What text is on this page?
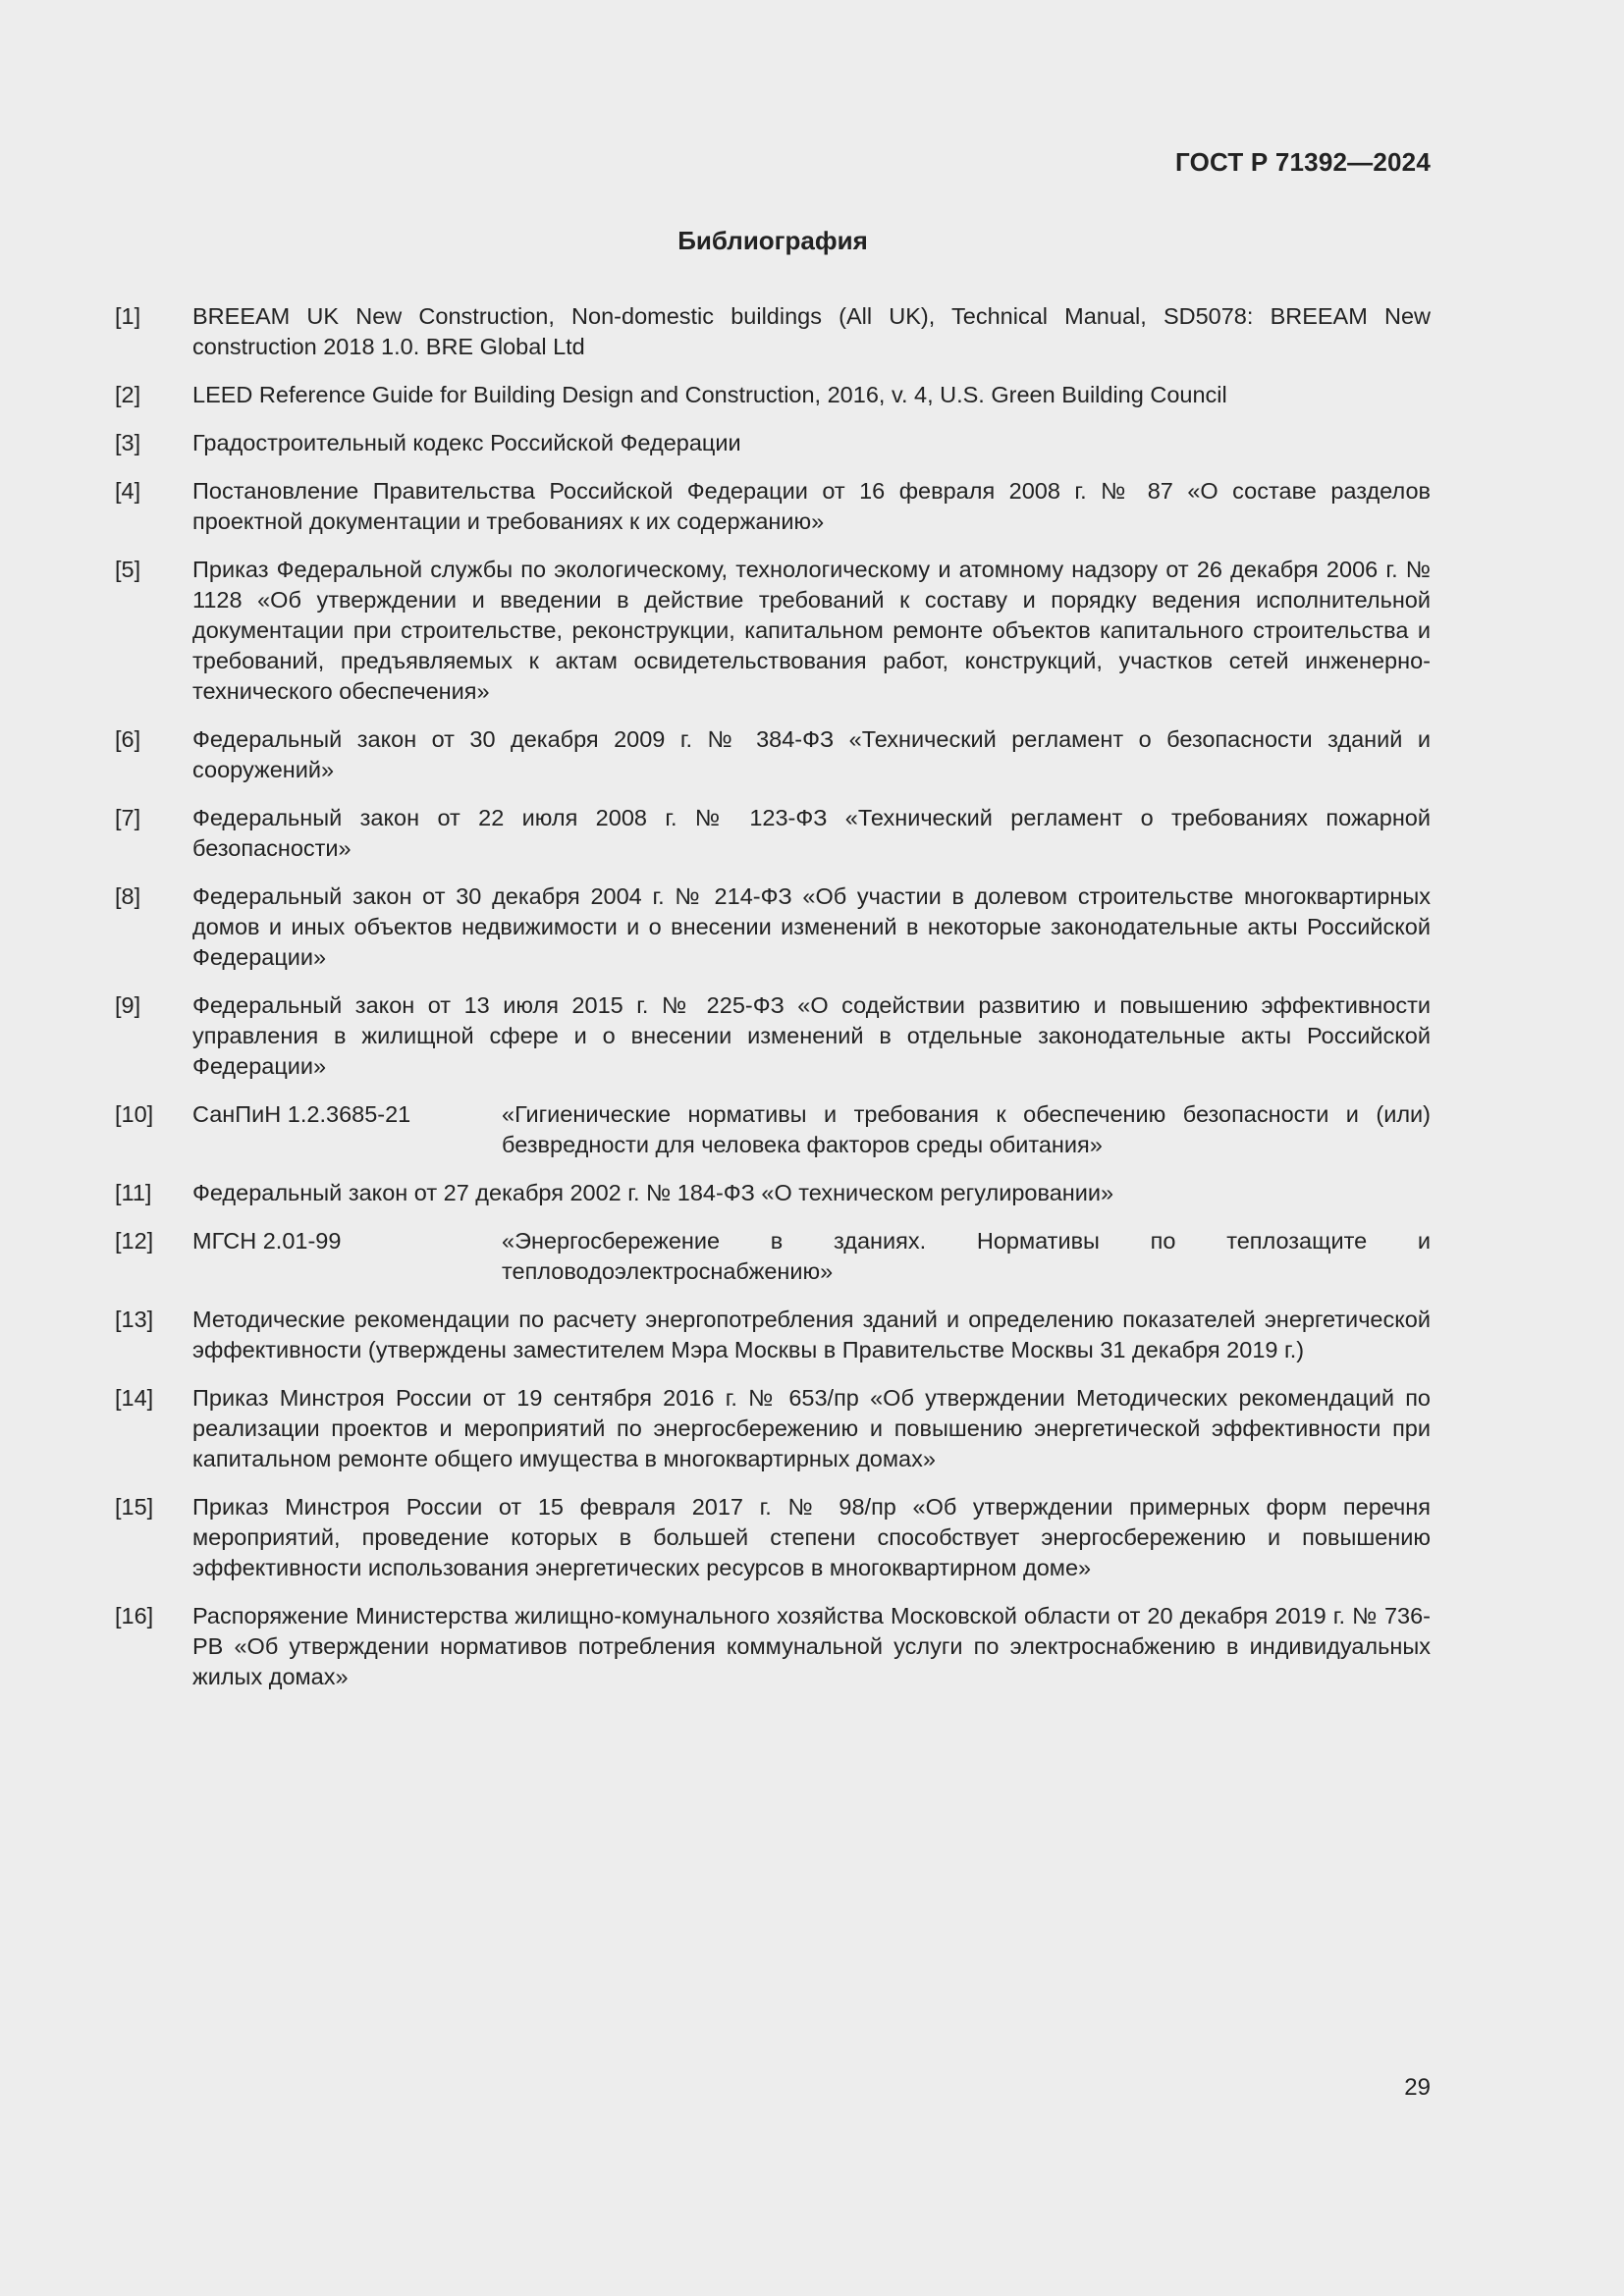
ГОСТ Р 71392—2024
Библиография
[1]	BREEAM UK New Construction, Non-domestic buildings (All UK), Technical Manual, SD5078: BREEAM New construction 2018 1.0. BRE Global Ltd
[2]	LEED Reference Guide for Building Design and Construction, 2016, v. 4, U.S. Green Building Council
[3]	Градостроительный кодекс Российской Федерации
[4]	Постановление Правительства Российской Федерации от 16 февраля 2008 г. № 87 «О составе разделов проектной документации и требованиях к их содержанию»
[5]	Приказ Федеральной службы по экологическому, технологическому и атомному надзору от 26 декабря 2006 г. № 1128 «Об утверждении и введении в действие требований к составу и порядку ведения исполнительной документации при строительстве, реконструкции, капитальном ремонте объектов капитального строительства и требований, предъявляемых к актам освидетельствования работ, конструкций, участков сетей инженерно-технического обеспечения»
[6]	Федеральный закон от 30 декабря 2009 г. № 384-ФЗ «Технический регламент о безопасности зданий и сооружений»
[7]	Федеральный закон от 22 июля 2008 г. № 123-ФЗ «Технический регламент о требованиях пожарной безопасности»
[8]	Федеральный закон от 30 декабря 2004 г. № 214-ФЗ «Об участии в долевом строительстве многоквартирных домов и иных объектов недвижимости и о внесении изменений в некоторые законодательные акты Российской Федерации»
[9]	Федеральный закон от 13 июля 2015 г. № 225-ФЗ «О содействии развитию и повышению эффективности управления в жилищной сфере и о внесении изменений в отдельные законодательные акты Российской Федерации»
[10]	СанПиН 1.2.3685-21	«Гигиенические нормативы и требования к обеспечению безопасности и (или) безвредности для человека факторов среды обитания»
[11]	Федеральный закон от 27 декабря 2002 г. № 184-ФЗ «О техническом регулировании»
[12]	МГСН 2.01-99	«Энергосбережение в зданиях. Нормативы по теплозащите и тепловодоэлектроснабжению»
[13]	Методические рекомендации по расчету энергопотребления зданий и определению показателей энергетической эффективности (утверждены заместителем Мэра Москвы в Правительстве Москвы 31 декабря 2019 г.)
[14]	Приказ Минстроя России от 19 сентября 2016 г. № 653/пр «Об утверждении Методических рекомендаций по реализации проектов и мероприятий по энергосбережению и повышению энергетической эффективности при капитальном ремонте общего имущества в многоквартирных домах»
[15]	Приказ Минстроя России от 15 февраля 2017 г. № 98/пр «Об утверждении примерных форм перечня мероприятий, проведение которых в большей степени способствует энергосбережению и повышению эффективности использования энергетических ресурсов в многоквартирном доме»
[16]	Распоряжение Министерства жилищно-комунального хозяйства Московской области от 20 декабря 2019 г. № 736-РВ «Об утверждении нормативов потребления коммунальной услуги по электроснабжению в индивидуальных жилых домах»
29
